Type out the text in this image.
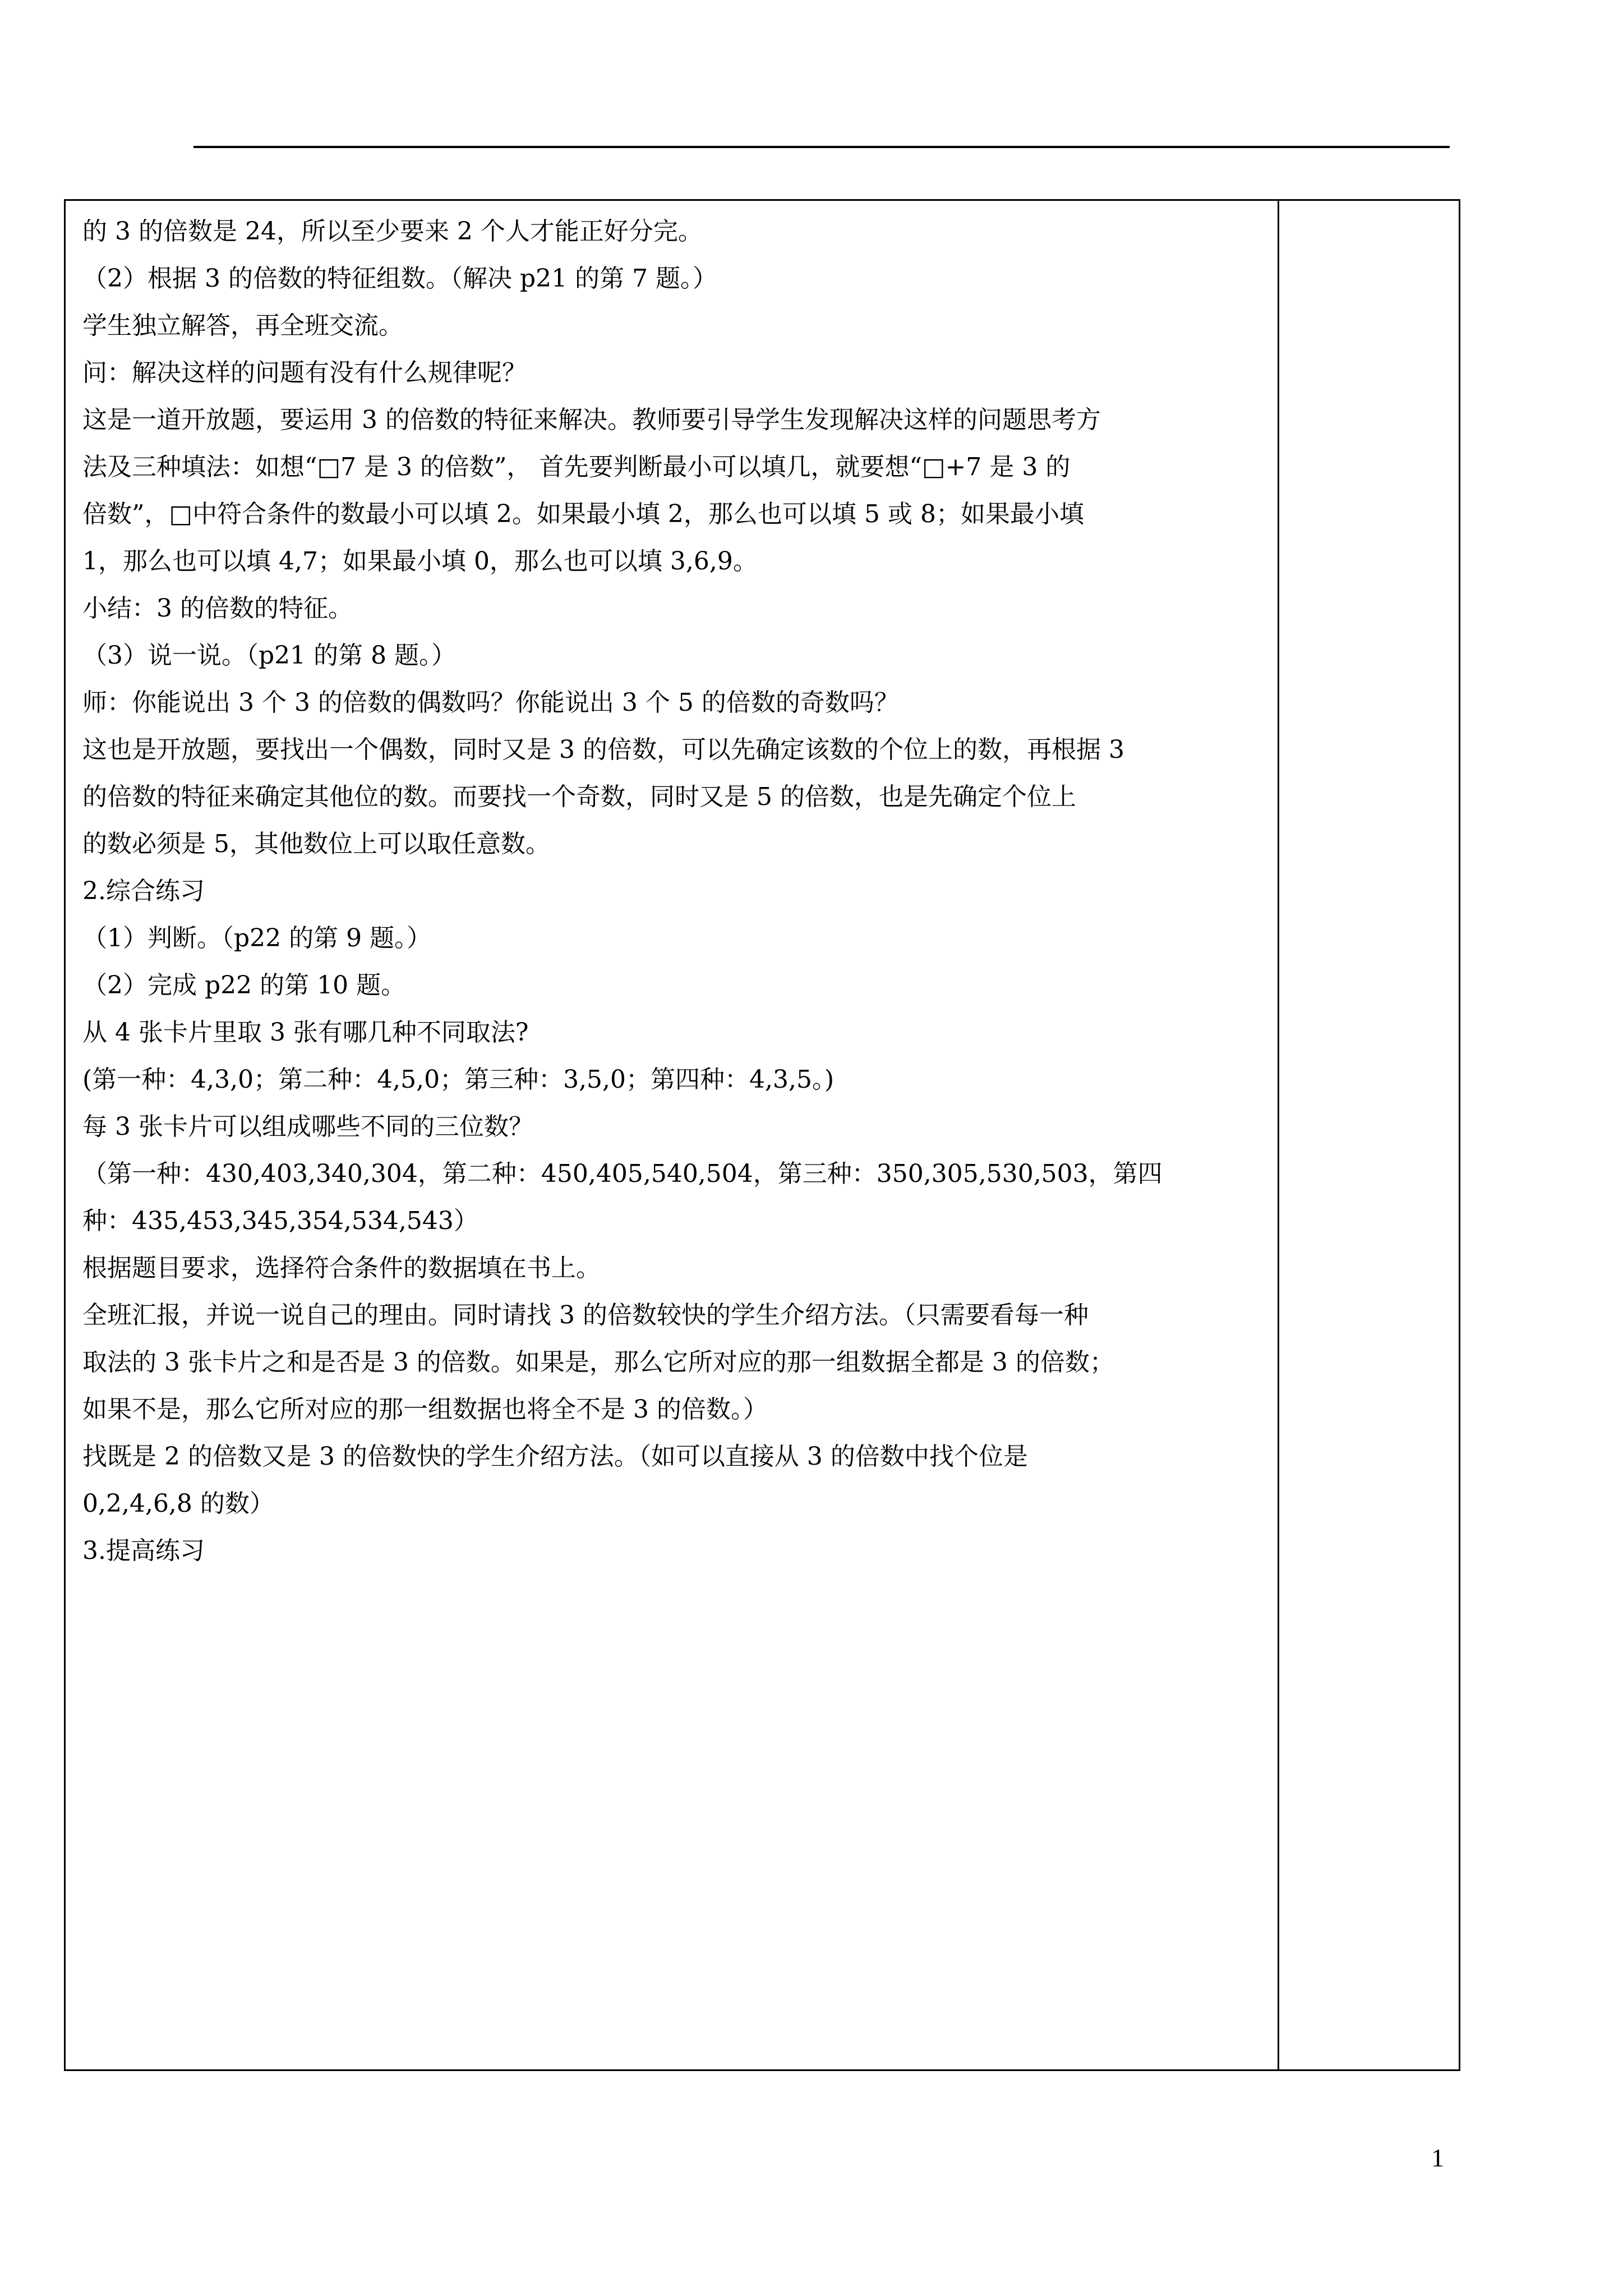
的 3 的倍数是 24，所以至少要来 2 个人才能正好分完。
（2）根据 3 的倍数的特征组数。（解决 p21 的第 7 题。）
学生独立解答，再全班交流。
问：解决这样的问题有没有什么规律呢？
这是一道开放题，要运用 3 的倍数的特征来解决。教师要引导学生发现解决这样的问题思考方
法及三种填法：如想“□7 是 3 的倍数”， 首先要判断最小可以填几，就要想“□+7 是 3 的
倍数”，□中符合条件的数最小可以填 2。如果最小填 2，那么也可以填 5 或 8；如果最小填
1，那么也可以填 4,7；如果最小填 0，那么也可以填 3,6,9。
小结：3 的倍数的特征。
（3）说一说。（p21 的第 8 题。）
师：你能说出 3 个 3 的倍数的偶数吗？你能说出 3 个 5 的倍数的奇数吗？
这也是开放题，要找出一个偶数，同时又是 3 的倍数，可以先确定该数的个位上的数，再根据 3
的倍数的特征来确定其他位的数。而要找一个奇数，同时又是 5 的倍数，也是先确定个位上
的数必须是 5，其他数位上可以取任意数。
2.综合练习
（1）判断。（p22 的第 9 题。）
（2）完成 p22 的第 10 题。
从 4 张卡片里取 3 张有哪几种不同取法?
(第一种：4,3,0；第二种：4,5,0；第三种：3,5,0；第四种：4,3,5。)
每 3 张卡片可以组成哪些不同的三位数？
（第一种：430,403,340,304，第二种：450,405,540,504，第三种：350,305,530,503，第四
种：435,453,345,354,534,543）
根据题目要求，选择符合条件的数据填在书上。
全班汇报，并说一说自己的理由。同时请找 3 的倍数较快的学生介绍方法。（只需要看每一种
取法的 3 张卡片之和是否是 3 的倍数。如果是，那么它所对应的那一组数据全都是 3 的倍数；
如果不是，那么它所对应的那一组数据也将全不是 3 的倍数。）
找既是 2 的倍数又是 3 的倍数快的学生介绍方法。（如可以直接从 3 的倍数中找个位是
0,2,4,6,8 的数）
3.提高练习
1
